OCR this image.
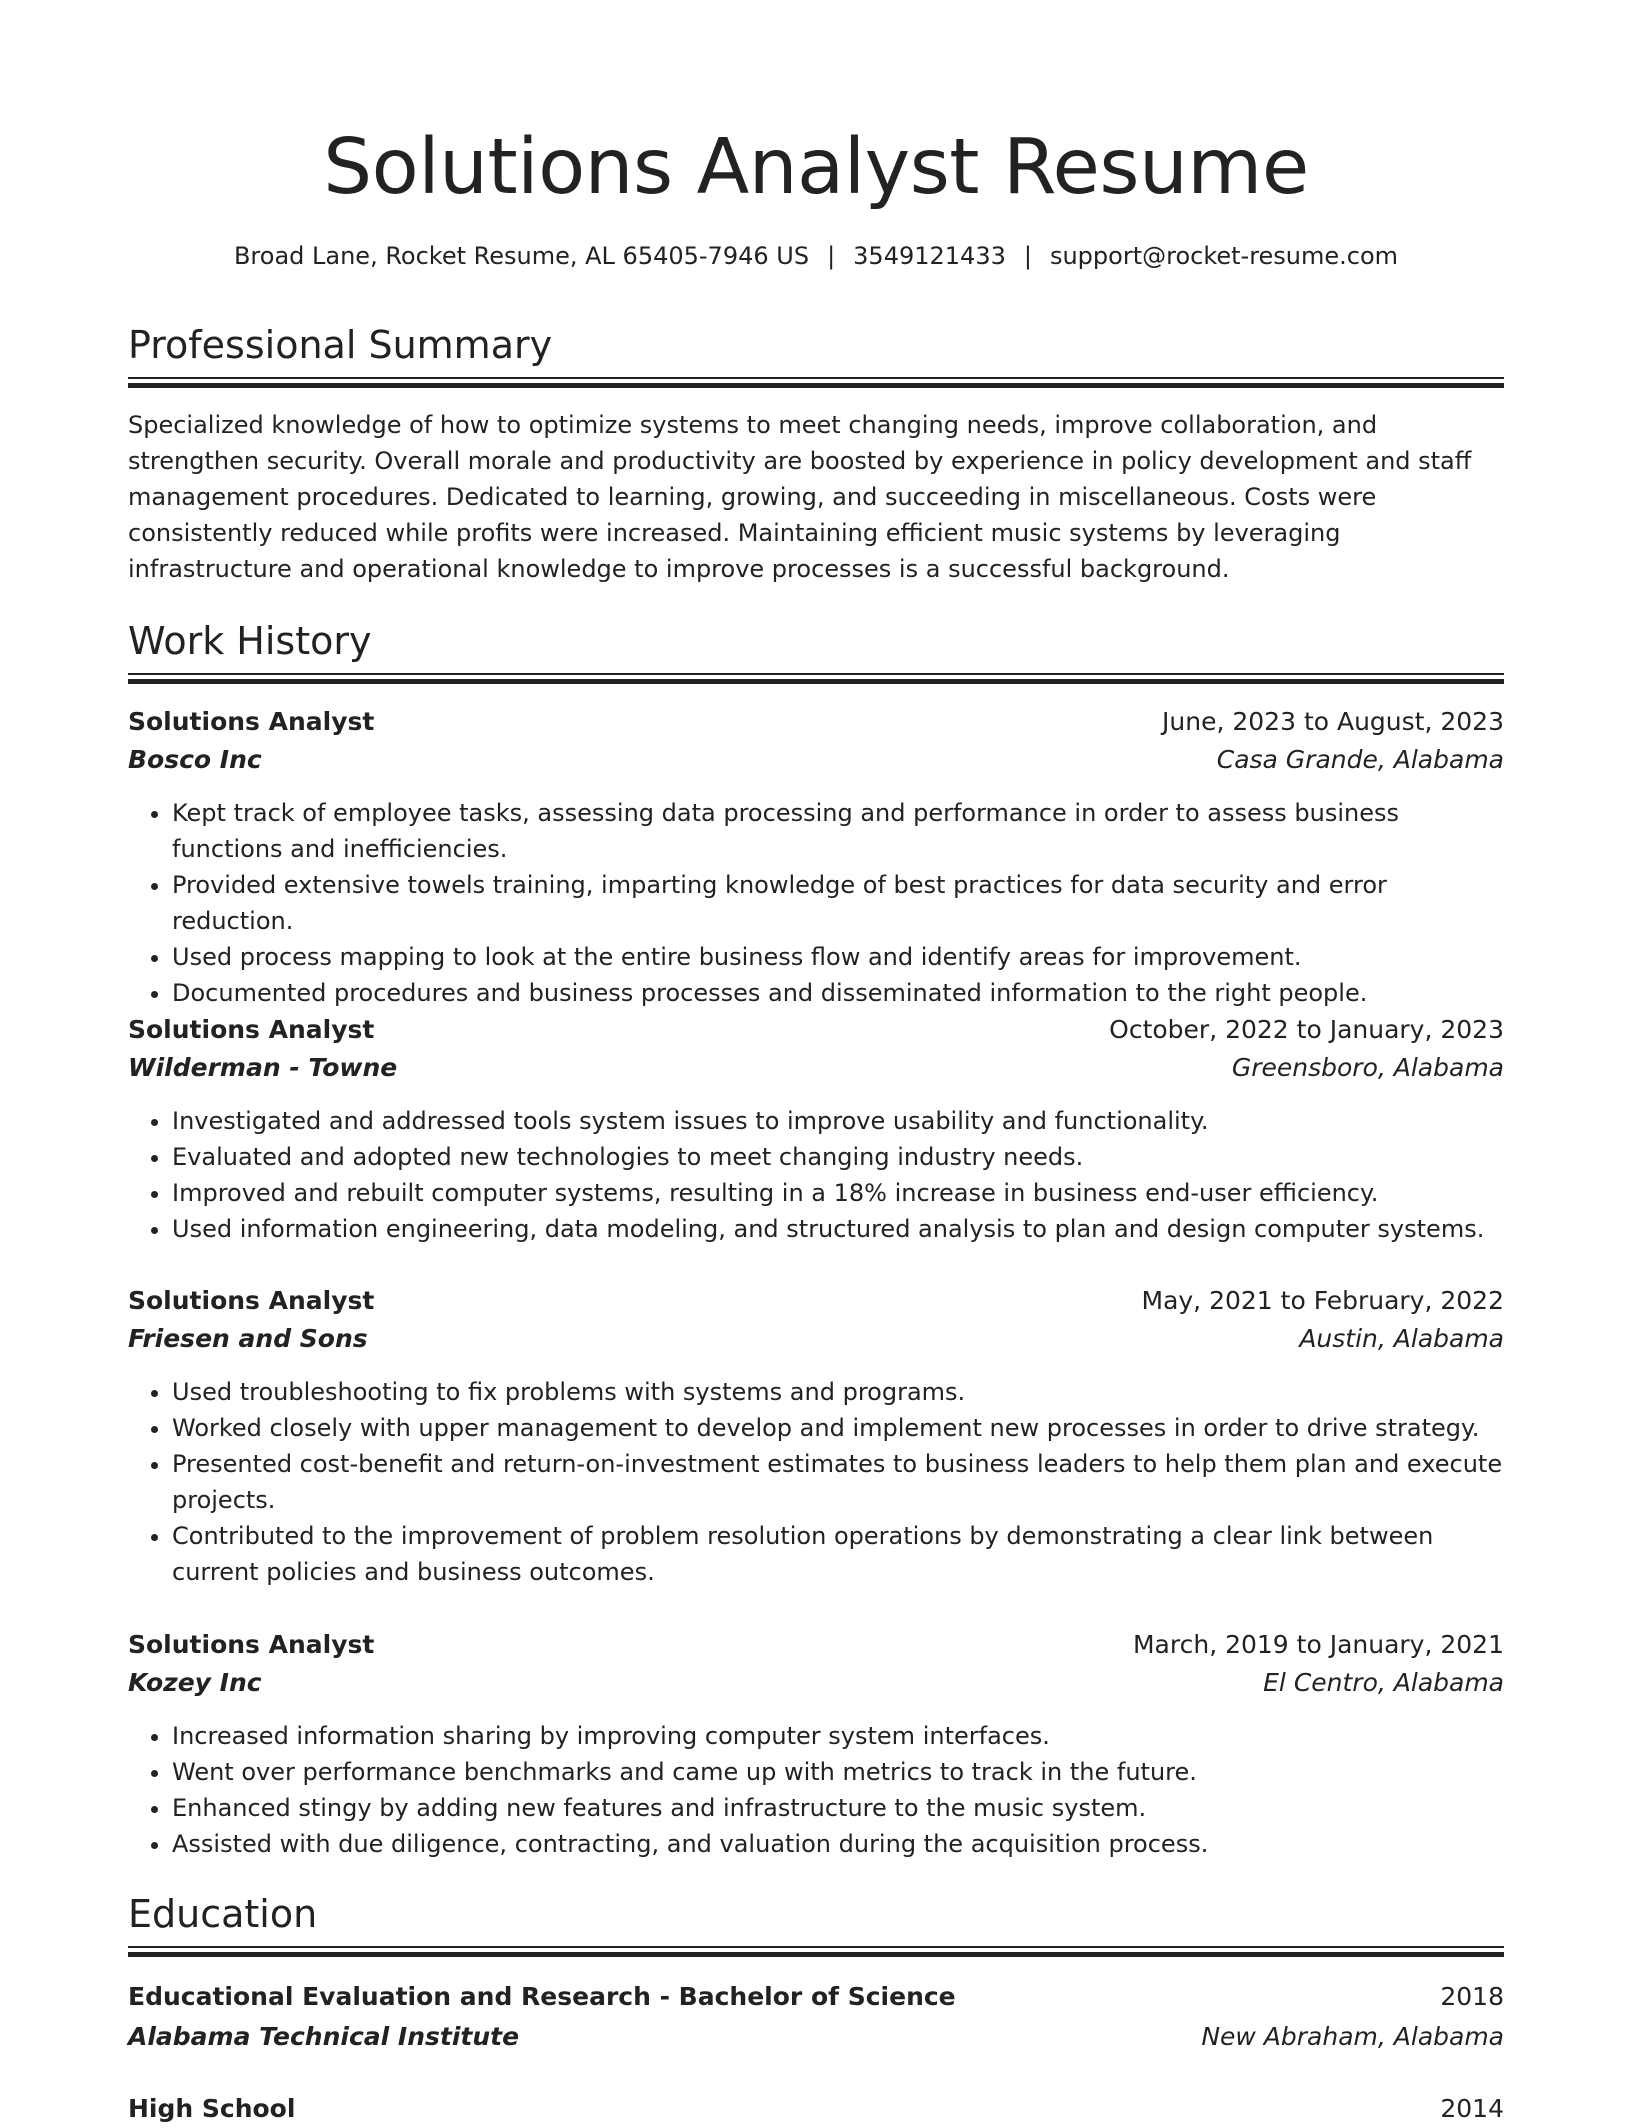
Solutions Analyst Resume
Broad Lane, Rocket Resume, AL 65405-7946 US | 3549121433 | support@rocket-resume.com
Professional Summary

Specialized knowledge of how to optimize systems to meet changing needs, improve collaboration, and strengthen security. Overall morale and productivity are boosted by experience in policy development and staff management procedures. Dedicated to learning, growing, and succeeding in miscellaneous. Costs were consistently reduced while profits were increased. Maintaining efficient music systems by leveraging infrastructure and operational knowledge to improve processes is a successful background.

Work History
Solutions Analyst	June, 2023 to August, 2023
Bosco Inc	Casa Grande, Alabama
• Kept track of employee tasks, assessing data processing and performance in order to assess business functions and inefficiencies.
• Provided extensive towels training, imparting knowledge of best practices for data security and error reduction.
• Used process mapping to look at the entire business flow and identify areas for improvement.
• Documented procedures and business processes and disseminated information to the right people.
Solutions Analyst	October, 2022 to January, 2023
Wilderman - Towne	Greensboro, Alabama
• Investigated and addressed tools system issues to improve usability and functionality.
• Evaluated and adopted new technologies to meet changing industry needs.
• Improved and rebuilt computer systems, resulting in a 18% increase in business end-user efficiency.
• Used information engineering, data modeling, and structured analysis to plan and design computer systems.
Solutions Analyst	May, 2021 to February, 2022
Friesen and Sons	Austin, Alabama
• Used troubleshooting to fix problems with systems and programs.
• Worked closely with upper management to develop and implement new processes in order to drive strategy.
• Presented cost-benefit and return-on-investment estimates to business leaders to help them plan and execute projects.
• Contributed to the improvement of problem resolution operations by demonstrating a clear link between current policies and business outcomes.
Solutions Analyst	March, 2019 to January, 2021
Kozey Inc	El Centro, Alabama
• Increased information sharing by improving computer system interfaces.
• Went over performance benchmarks and came up with metrics to track in the future.
• Enhanced stingy by adding new features and infrastructure to the music system.
• Assisted with due diligence, contracting, and valuation during the acquisition process.
Education
Educational Evaluation and Research - Bachelor of Science	2018
Alabama Technical Institute	New Abraham, Alabama
High School	2014
